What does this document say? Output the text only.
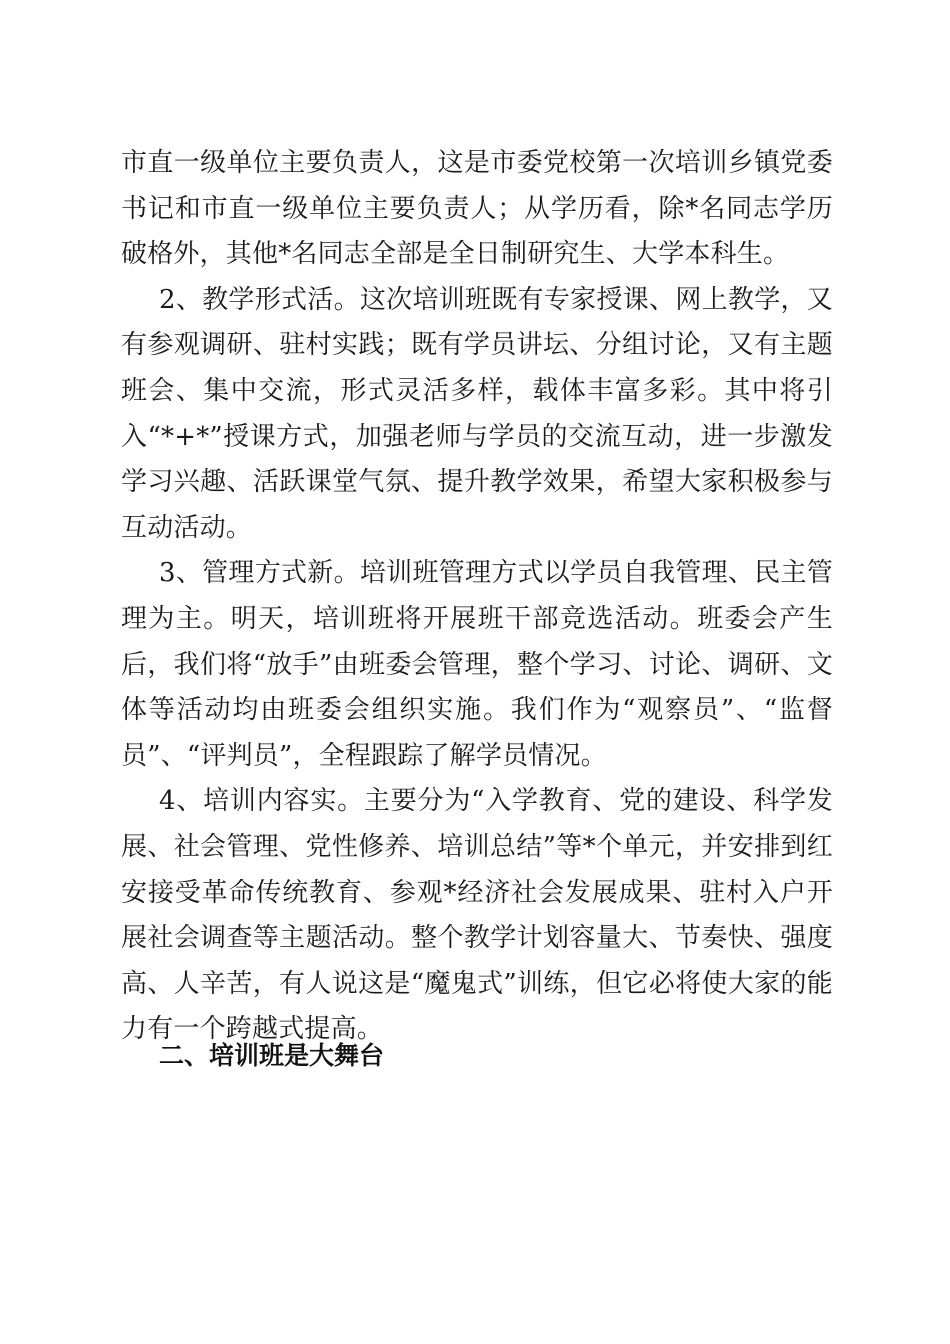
市直一级单位主要负责人，这是市委党校第一次培训乡镇党委书记和市直一级单位主要负责人；从学历看，除*名同志学历破格外，其他*名同志全部是全日制研究生、大学本科生。

2、教学形式活。这次培训班既有专家授课、网上教学，又有参观调研、驻村实践；既有学员讲坛、分组讨论，又有主题班会、集中交流，形式灵活多样，载体丰富多彩。其中将引入“*+*”授课方式，加强老师与学员的交流互动，进一步激发学习兴趣、活跃课堂气氛、提升教学效果，希望大家积极参与互动活动。

3、管理方式新。培训班管理方式以学员自我管理、民主管理为主。明天，培训班将开展班干部竞选活动。班委会产生后，我们将“放手”由班委会管理，整个学习、讨论、调研、文体等活动均由班委会组织实施。我们作为“观察员”、“监督员”、“评判员”，全程跟踪了解学员情况。

4、培训内容实。主要分为“入学教育、党的建设、科学发展、社会管理、党性修养、培训总结”等*个单元，并安排到红安接受革命传统教育、参观*经济社会发展成果、驻村入户开展社会调查等主题活动。整个教学计划容量大、节奏快、强度高、人辛苦，有人说这是“魔鬼式”训练，但它必将使大家的能力有一个跨越式提高。

二、培训班是大舞台
